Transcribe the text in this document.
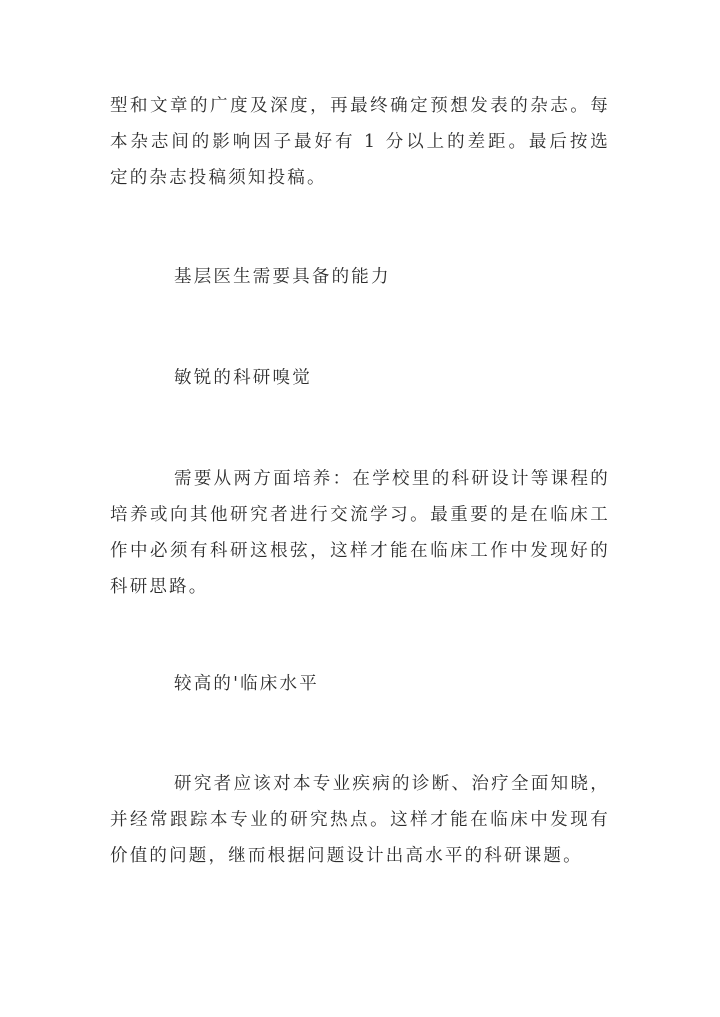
型和文章的广度及深度，再最终确定预想发表的杂志。每本杂志间的影响因子最好有 1 分以上的差距。最后按选定的杂志投稿须知投稿。

基层医生需要具备的能力

敏锐的科研嗅觉

需要从两方面培养：在学校里的科研设计等课程的培养或向其他研究者进行交流学习。最重要的是在临床工作中必须有科研这根弦，这样才能在临床工作中发现好的科研思路。

较高的'临床水平

研究者应该对本专业疾病的诊断、治疗全面知晓，并经常跟踪本专业的研究热点。这样才能在临床中发现有价值的问题，继而根据问题设计出高水平的科研课题。
